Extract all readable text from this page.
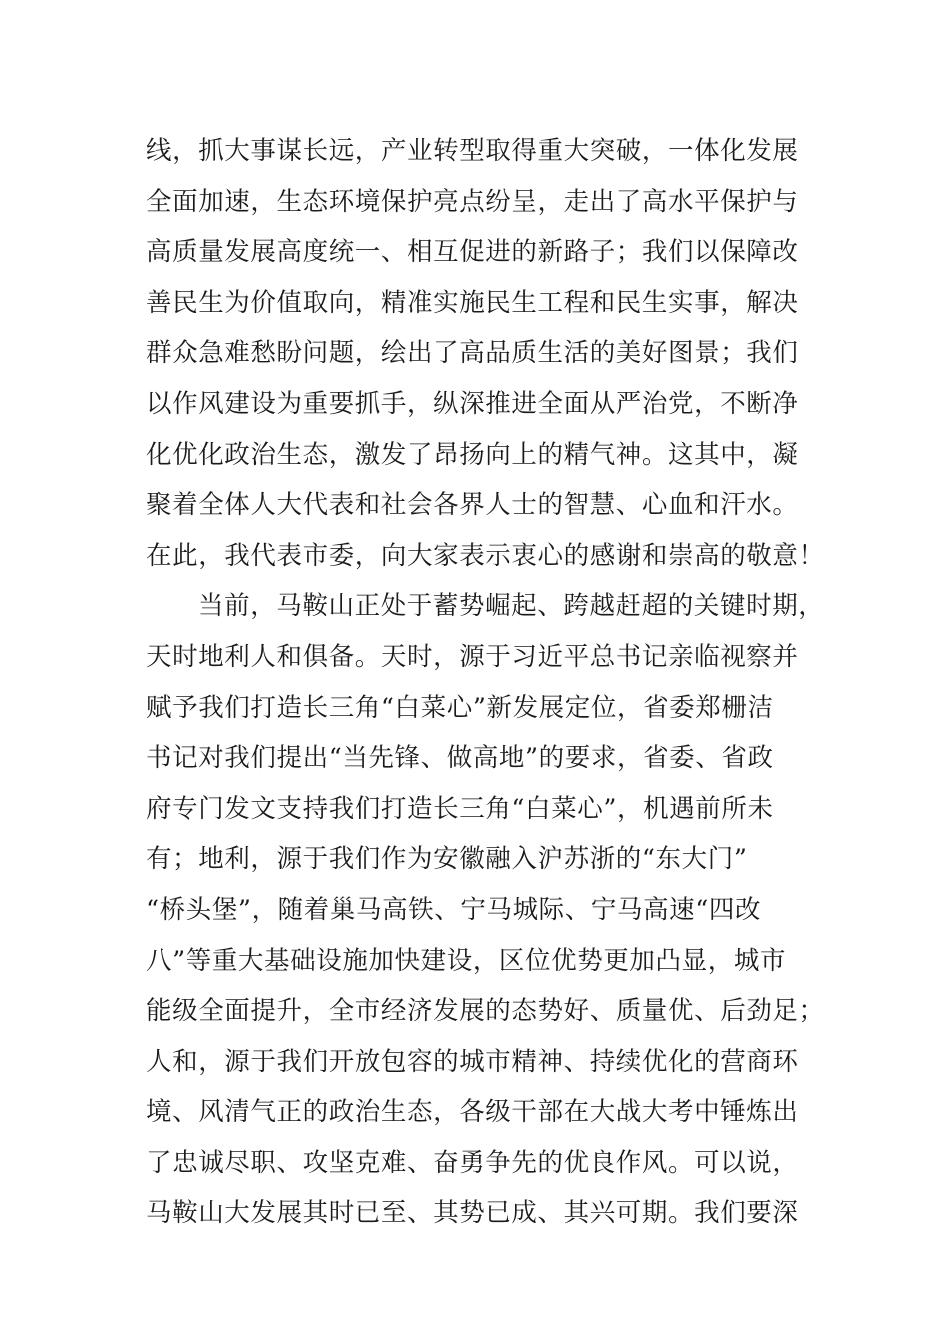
线，抓大事谋长远，产业转型取得重大突破，一体化发展
全面加速，生态环境保护亮点纷呈，走出了高水平保护与
高质量发展高度统一、相互促进的新路子；我们以保障改
善民生为价值取向，精准实施民生工程和民生实事，解决
群众急难愁盼问题，绘出了高品质生活的美好图景；我们
以作风建设为重要抓手，纵深推进全面从严治党，不断净
化优化政治生态，激发了昂扬向上的精气神。这其中，凝
聚着全体人大代表和社会各界人士的智慧、心血和汗水。
在此，我代表市委，向大家表示衷心的感谢和崇高的敬意！
当前，马鞍山正处于蓄势崛起、跨越赶超的关键时期，
天时地利人和俱备。天时，源于习近平总书记亲临视察并
赋予我们打造长三角“白菜心”新发展定位，省委郑栅洁
书记对我们提出“当先锋、做高地”的要求，省委、省政
府专门发文支持我们打造长三角“白菜心”，机遇前所未
有；地利，源于我们作为安徽融入沪苏浙的“东大门”
“桥头堡”，随着巢马高铁、宁马城际、宁马高速“四改
八”等重大基础设施加快建设，区位优势更加凸显，城市
能级全面提升，全市经济发展的态势好、质量优、后劲足；
人和，源于我们开放包容的城市精神、持续优化的营商环
境、风清气正的政治生态，各级干部在大战大考中锤炼出
了忠诚尽职、攻坚克难、奋勇争先的优良作风。可以说，
马鞍山大发展其时已至、其势已成、其兴可期。我们要深
